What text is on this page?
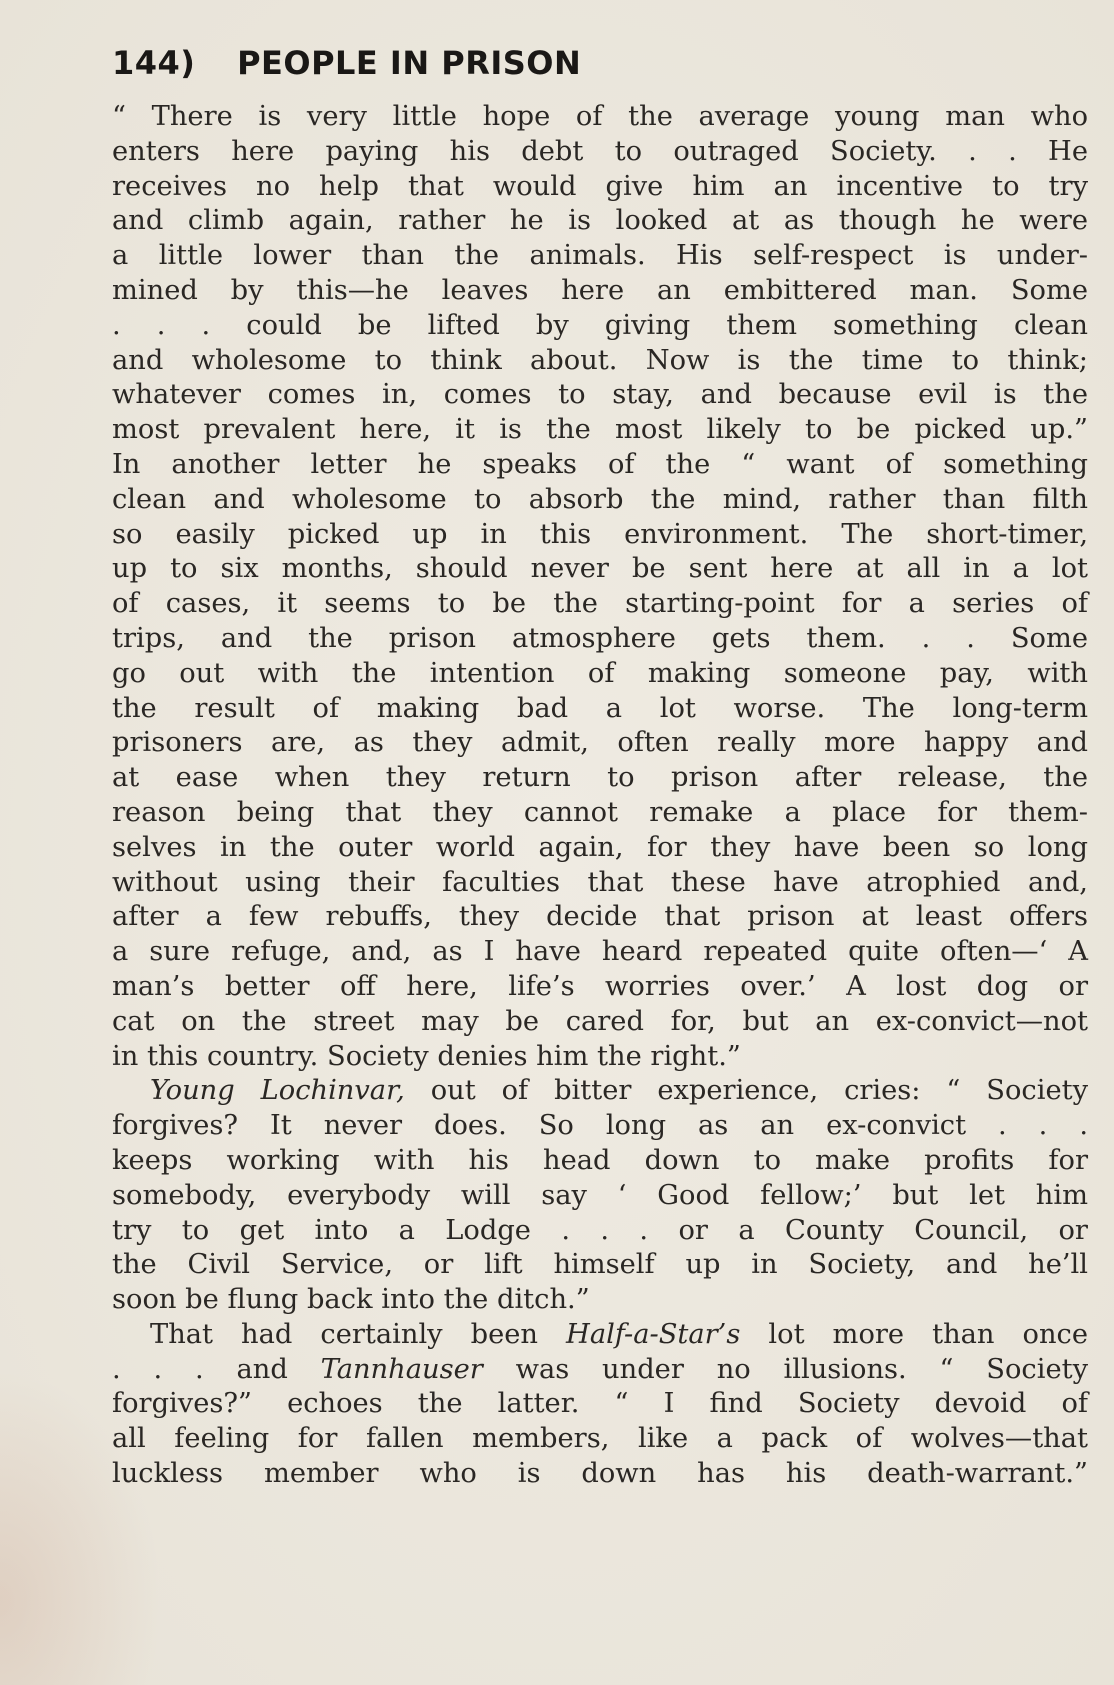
144) PEOPLE IN PRISON
“ There is very little hope of the average young man who
enters here paying his debt to outraged Society. . . He
receives no help that would give him an incentive to try
and climb again, rather he is looked at as though he were
a little lower than the animals. His self-respect is under-
mined by this—he leaves here an embittered man. Some
. . . could be lifted by giving them something clean
and wholesome to think about. Now is the time to think;
whatever comes in, comes to stay, and because evil is the
most prevalent here, it is the most likely to be picked up.”
In another letter he speaks of the “ want of something
clean and wholesome to absorb the mind, rather than filth
so easily picked up in this environment. The short-timer,
up to six months, should never be sent here at all in a lot
of cases, it seems to be the starting-point for a series of
trips, and the prison atmosphere gets them. . . Some
go out with the intention of making someone pay, with
the result of making bad a lot worse. The long-term
prisoners are, as they admit, often really more happy and
at ease when they return to prison after release, the
reason being that they cannot remake a place for them-
selves in the outer world again, for they have been so long
without using their faculties that these have atrophied and,
after a few rebuffs, they decide that prison at least offers
a sure refuge, and, as I have heard repeated quite often—‘ A
man’s better off here, life’s worries over.’ A lost dog or
cat on the street may be cared for, but an ex-convict—not
in this country. Society denies him the right.”
Young Lochinvar, out of bitter experience, cries: “ Society
forgives? It never does. So long as an ex-convict . . .
keeps working with his head down to make profits for
somebody, everybody will say ‘ Good fellow;’ but let him
try to get into a Lodge . . . or a County Council, or
the Civil Service, or lift himself up in Society, and he’ll
soon be flung back into the ditch.”
That had certainly been Half-a-Star’s lot more than once
. . . and Tannhauser was under no illusions. “ Society
forgives?” echoes the latter. “ I find Society devoid of
all feeling for fallen members, like a pack of wolves—that
luckless member who is down has his death-warrant.”
